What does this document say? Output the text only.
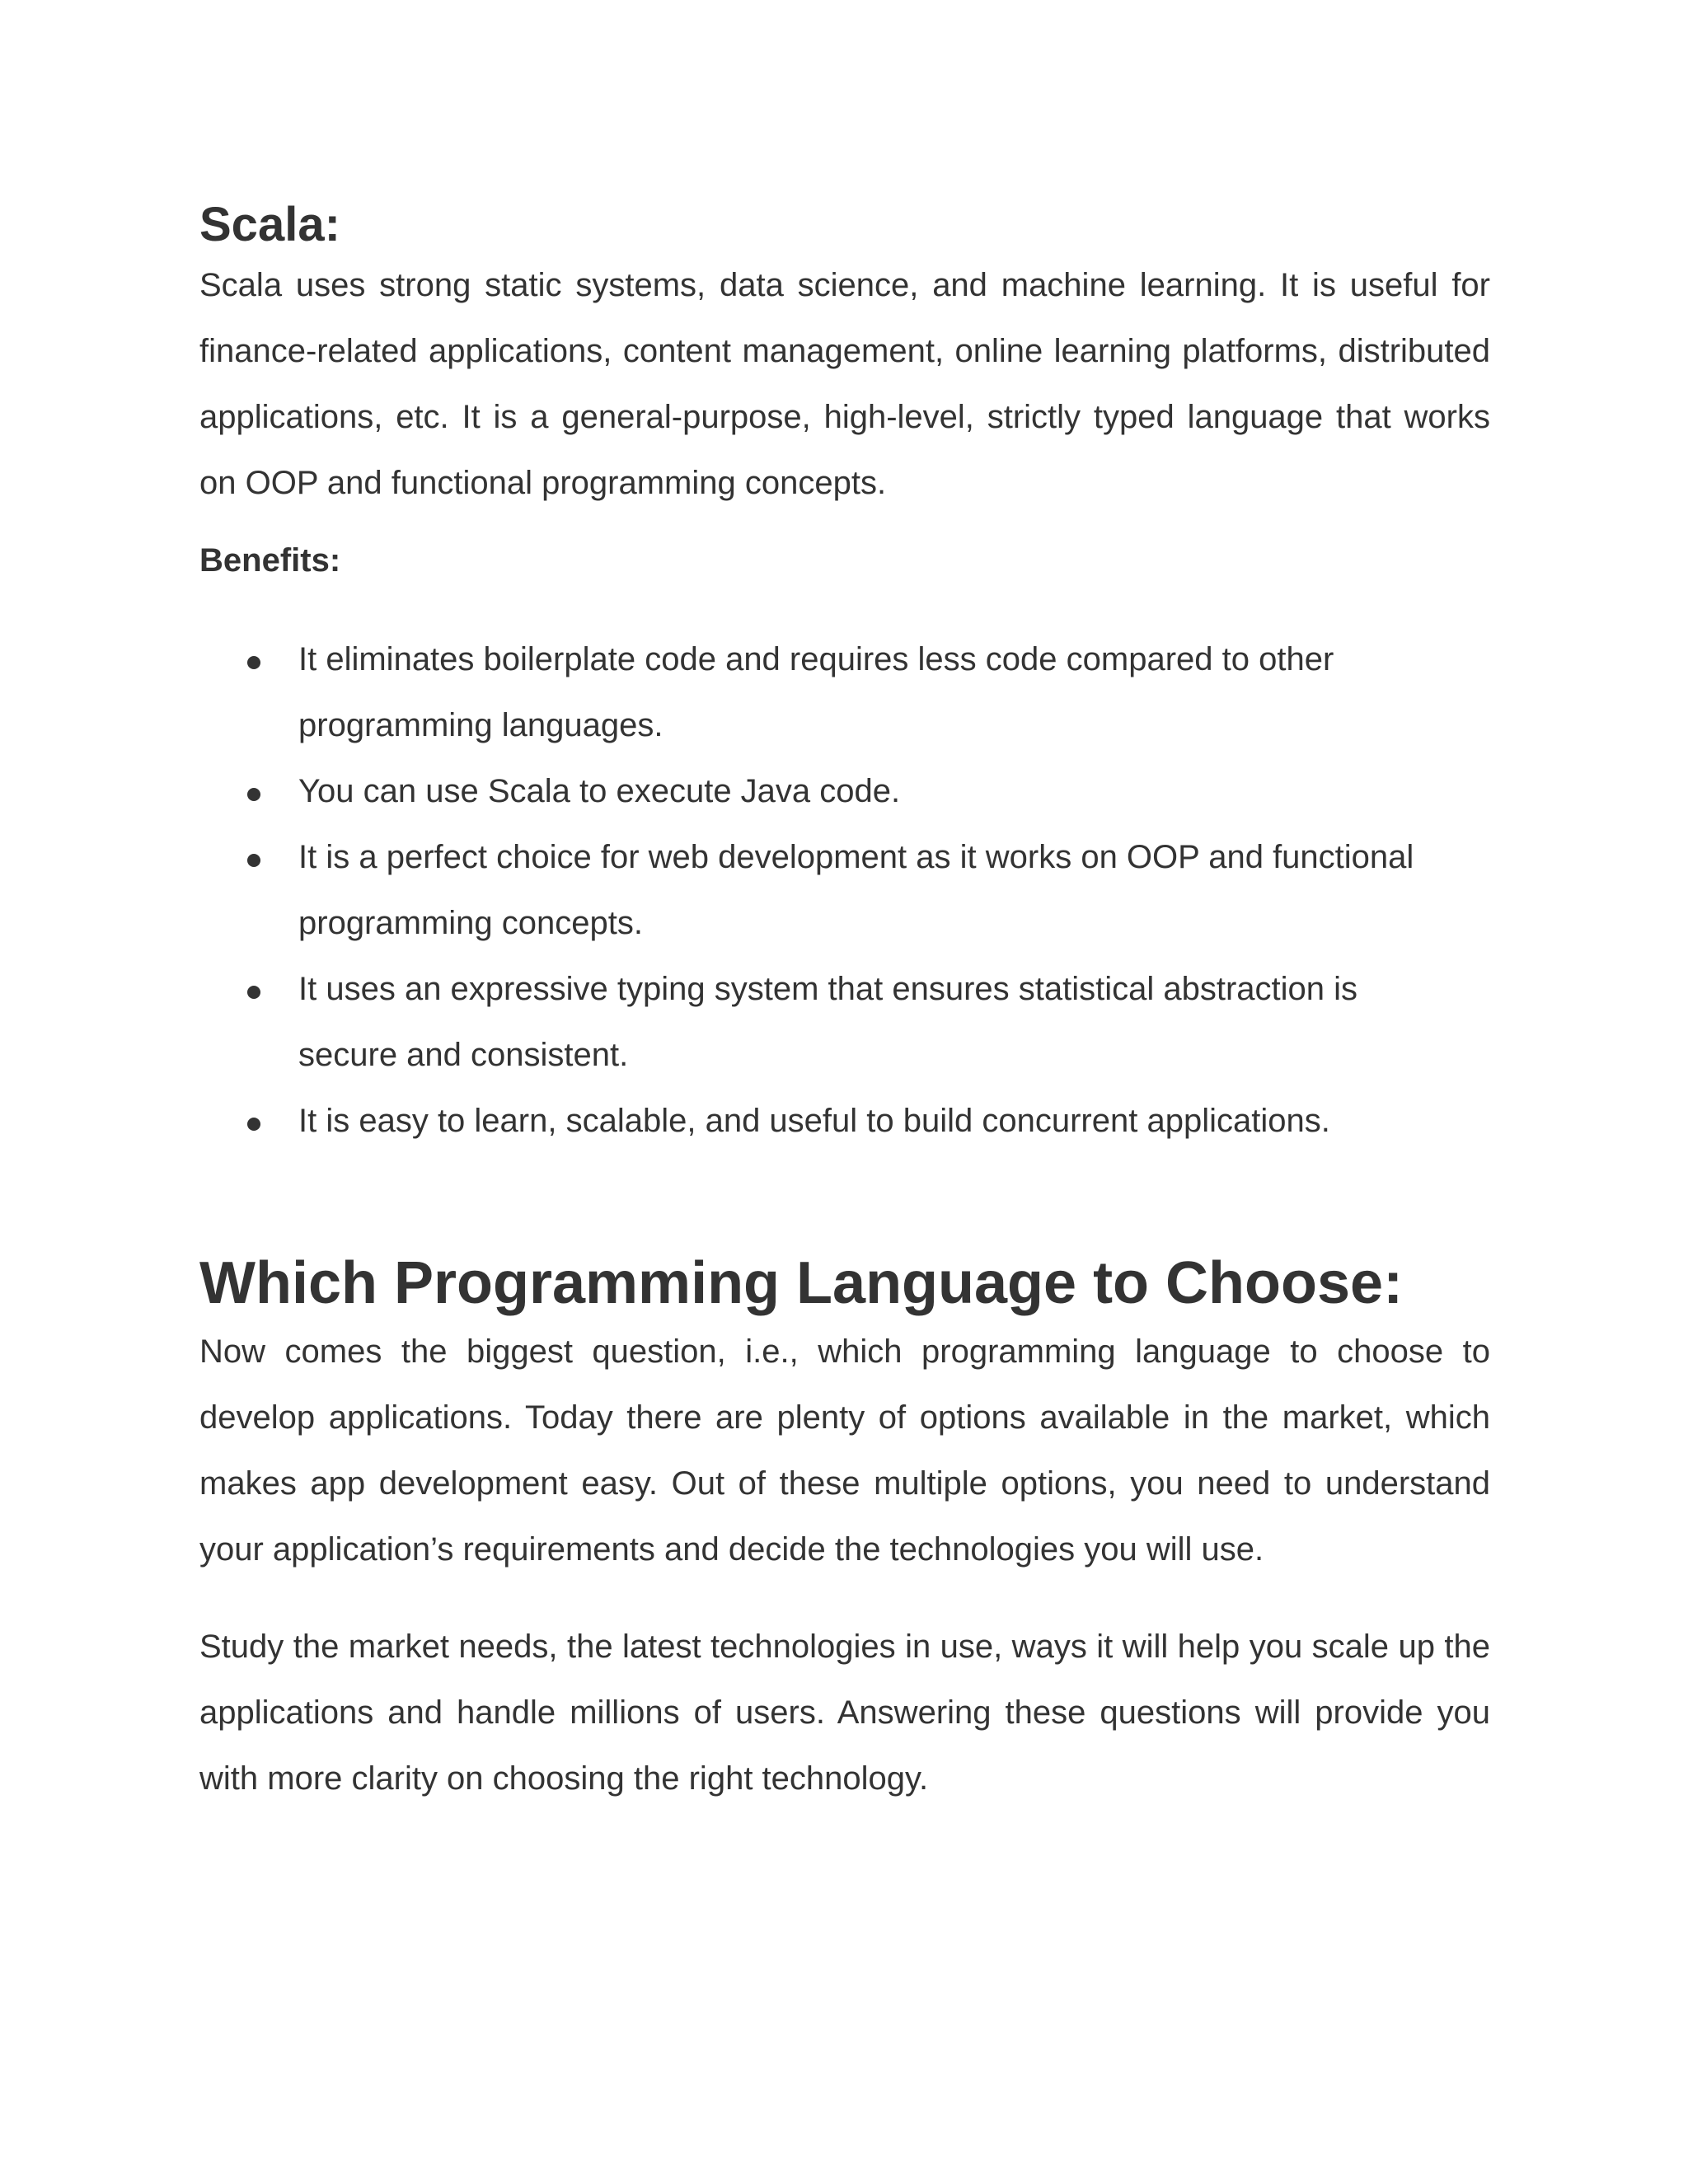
Scala:

Scala uses strong static systems, data science, and machine learning. It is useful for finance-related applications, content management, online learning platforms, distributed applications, etc. It is a general-purpose, high-level, strictly typed language that works on OOP and functional programming concepts.

Benefits:
It eliminates boilerplate code and requires less code compared to other programming languages.
You can use Scala to execute Java code.
It is a perfect choice for web development as it works on OOP and functional programming concepts.
It uses an expressive typing system that ensures statistical abstraction is secure and consistent.
It is easy to learn, scalable, and useful to build concurrent applications.
Which Programming Language to Choose:

Now comes the biggest question, i.e., which programming language to choose to develop applications. Today there are plenty of options available in the market, which makes app development easy. Out of these multiple options, you need to understand your application’s requirements and decide the technologies you will use.

Study the market needs, the latest technologies in use, ways it will help you scale up the applications and handle millions of users. Answering these questions will provide you with more clarity on choosing the right technology.
